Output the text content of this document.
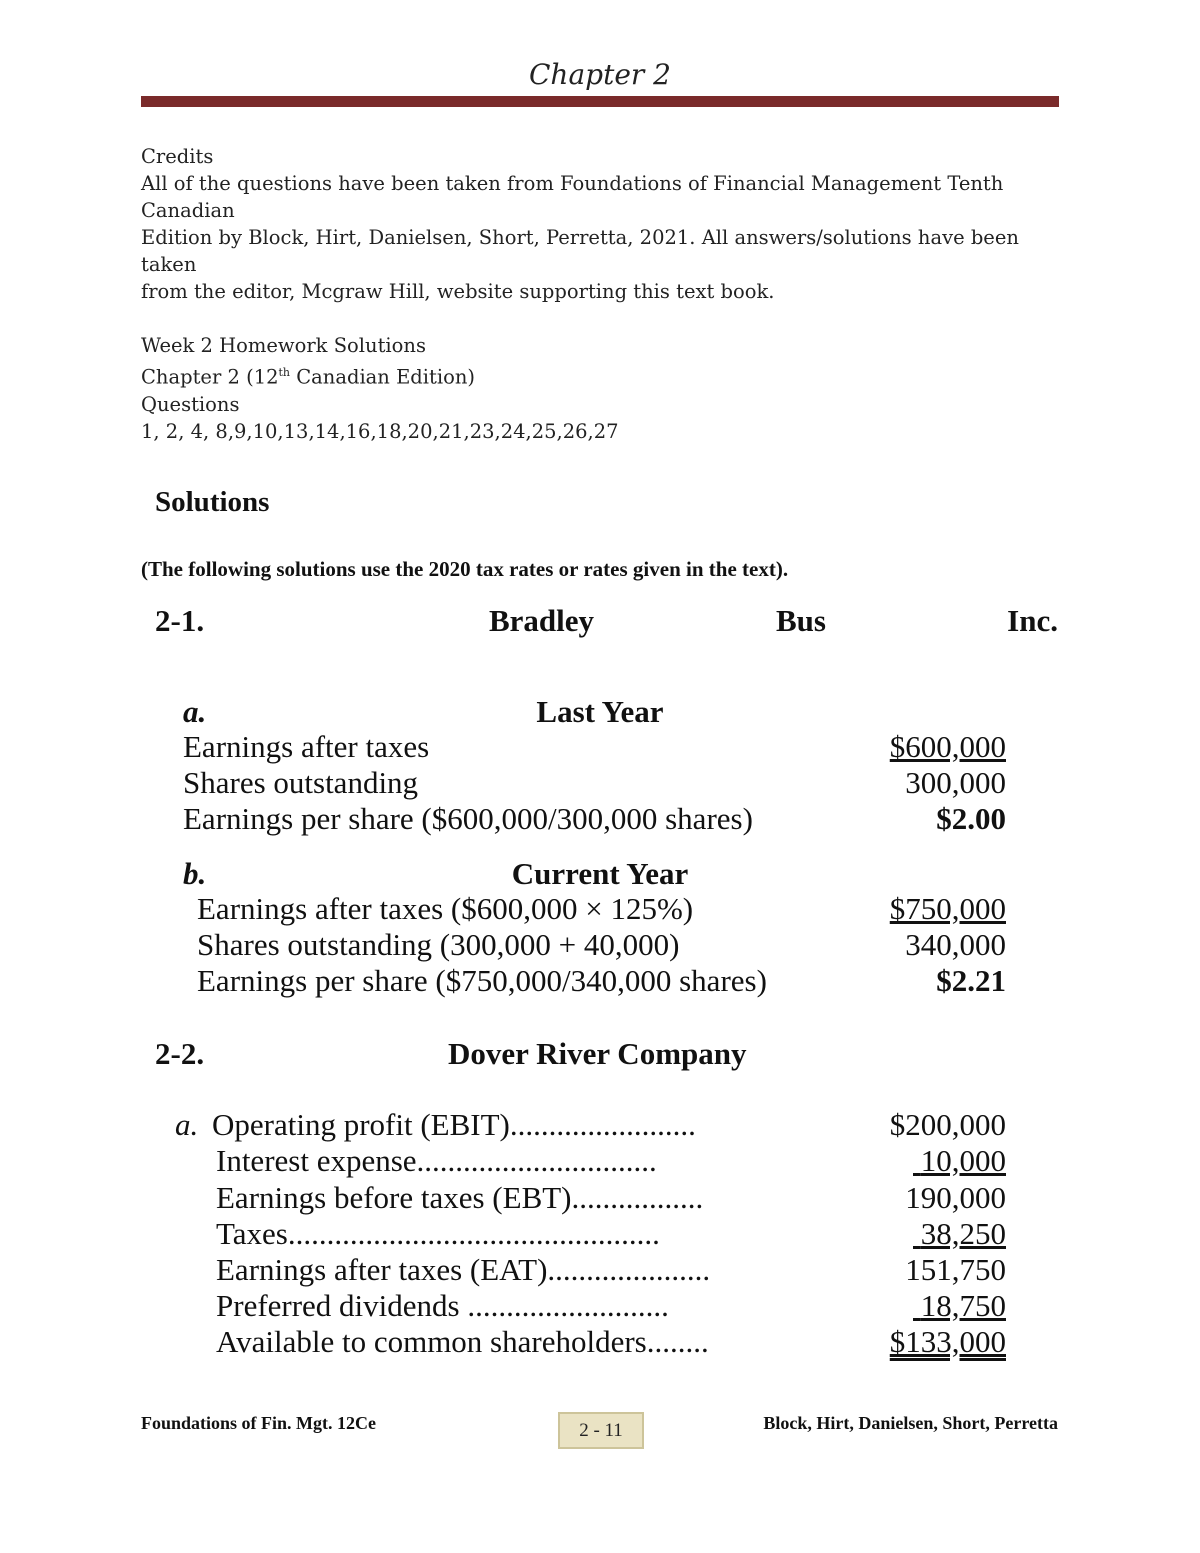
Chapter 2
Credits
All of the questions have been taken from Foundations of Financial Management Tenth Canadian
Edition by Block, Hirt, Danielsen, Short, Perretta, 2021. All answers/solutions have been taken
from the editor, Mcgraw Hill, website supporting this text book.
Week 2 Homework Solutions
Chapter 2 (12th Canadian Edition)
Questions
1, 2, 4, 8,9,10,13,14,16,18,20,21,23,24,25,26,27
Solutions
(The following solutions use the 2020 tax rates or rates given in the text).
2-1.	Bradley	Bus	Inc.
a.	Last Year
Earnings after taxes	$600,000
Shares outstanding	300,000
Earnings per share ($600,000/300,000 shares)	$2.00
b.	Current Year
Earnings after taxes ($600,000 × 125%)	$750,000
Shares outstanding (300,000 + 40,000)	340,000
Earnings per share ($750,000/340,000 shares)	$2.21
2-2.	Dover River Company
a. Operating profit (EBIT)........................	$200,000
Interest expense...............................	10,000
Earnings before taxes (EBT).................	190,000
Taxes................................................	38,250
Earnings after taxes (EAT).....................	151,750
Preferred dividends ..........................	18,750
Available to common shareholders........	$133,000
Foundations of Fin. Mgt. 12Ce	2 - 11	Block, Hirt, Danielsen, Short, Perretta
